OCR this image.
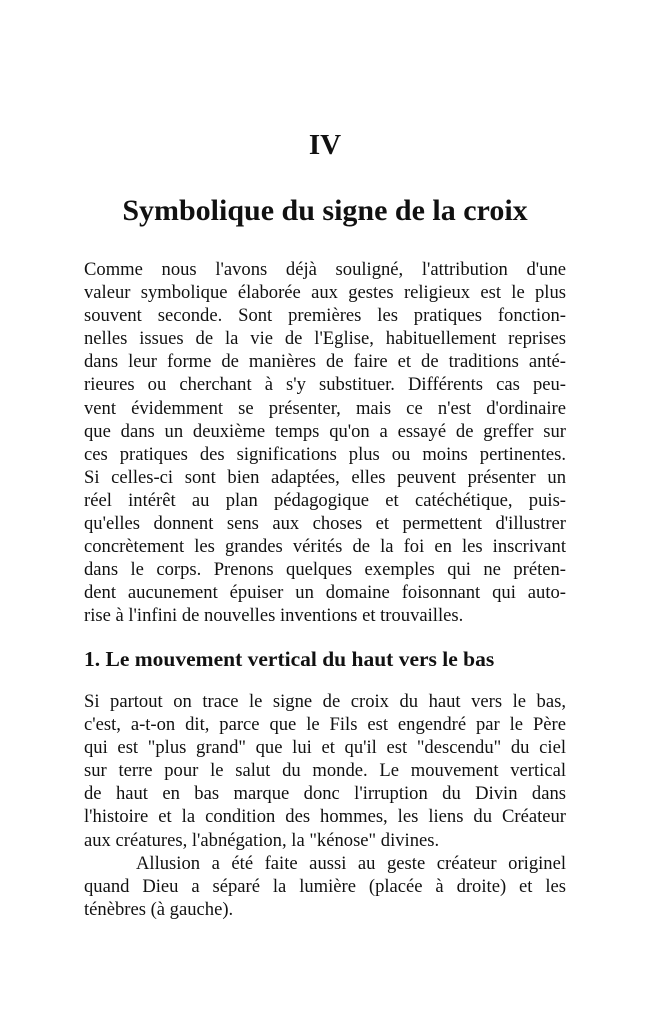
IV
Symbolique du signe de la croix
Comme nous l'avons déjà souligné, l'attribution d'une
valeur symbolique élaborée aux gestes religieux est le plus
souvent seconde. Sont premières les pratiques fonction-
nelles issues de la vie de l'Eglise, habituellement reprises
dans leur forme de manières de faire et de traditions anté-
rieures ou cherchant à s'y substituer. Différents cas peu-
vent évidemment se présenter, mais ce n'est d'ordinaire
que dans un deuxième temps qu'on a essayé de greffer sur
ces pratiques des significations plus ou moins pertinentes.
Si celles-ci sont bien adaptées, elles peuvent présenter un
réel intérêt au plan pédagogique et catéchétique, puis-
qu'elles donnent sens aux choses et permettent d'illustrer
concrètement les grandes vérités de la foi en les inscrivant
dans le corps. Prenons quelques exemples qui ne préten-
dent aucunement épuiser un domaine foisonnant qui auto-
rise à l'infini de nouvelles inventions et trouvailles.
1. Le mouvement vertical du haut vers le bas
Si partout on trace le signe de croix du haut vers le bas,
c'est, a-t-on dit, parce que le Fils est engendré par le Père
qui est "plus grand" que lui et qu'il est "descendu" du ciel
sur terre pour le salut du monde. Le mouvement vertical
de haut en bas marque donc l'irruption du Divin dans
l'histoire et la condition des hommes, les liens du Créateur
aux créatures, l'abnégation, la "kénose" divines.
Allusion a été faite aussi au geste créateur originel
quand Dieu a séparé la lumière (placée à droite) et les
ténèbres (à gauche).
